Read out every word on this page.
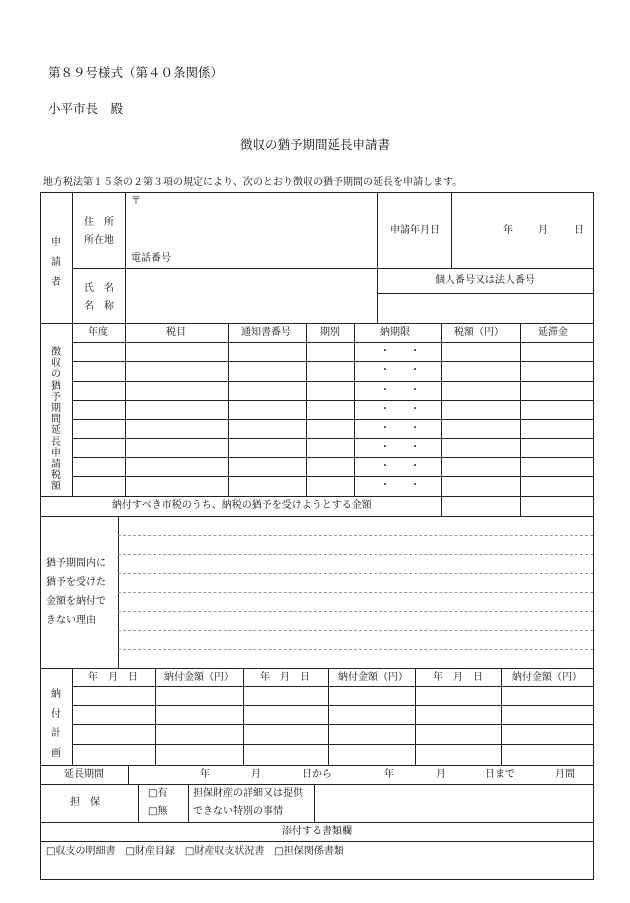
第８９号様式（第４０条関係）
小平市長　殿
徴収の猶予期間延長申請書
地方税法第１５条の２第３項の規定により、次のとおり徴収の猶予期間の延長を申請します。
申請者
住　所
所在地
〒
電話番号
申請年月日	年	月	日
氏　名
名　称
個人番号又は法人番号
徴収の猶予期間延長申請税額
年度	税目	通知書番号	期別	納期限	税額（円）	延滞金
・　　・
・　　・
・　　・
・　　・
・　　・
・　　・
・　　・
・　　・
納付すべき市税のうち、納税の猶予を受けようとする金額
猶予期間内に
猶予を受けた
金額を納付で
きない理由
納付計画
年　月　日	納付金額（円）	年　月　日	納付金額（円）	年　月　日	納付金額（円）
延長期間	年	月	日から	年	月	日まで	月間
担　保
□有
□無
担保財産の詳細又は提供
できない特別の事情
添付する書類欄
□収支の明細書　□財産目録　□財産収支状況書　□担保関係書類
